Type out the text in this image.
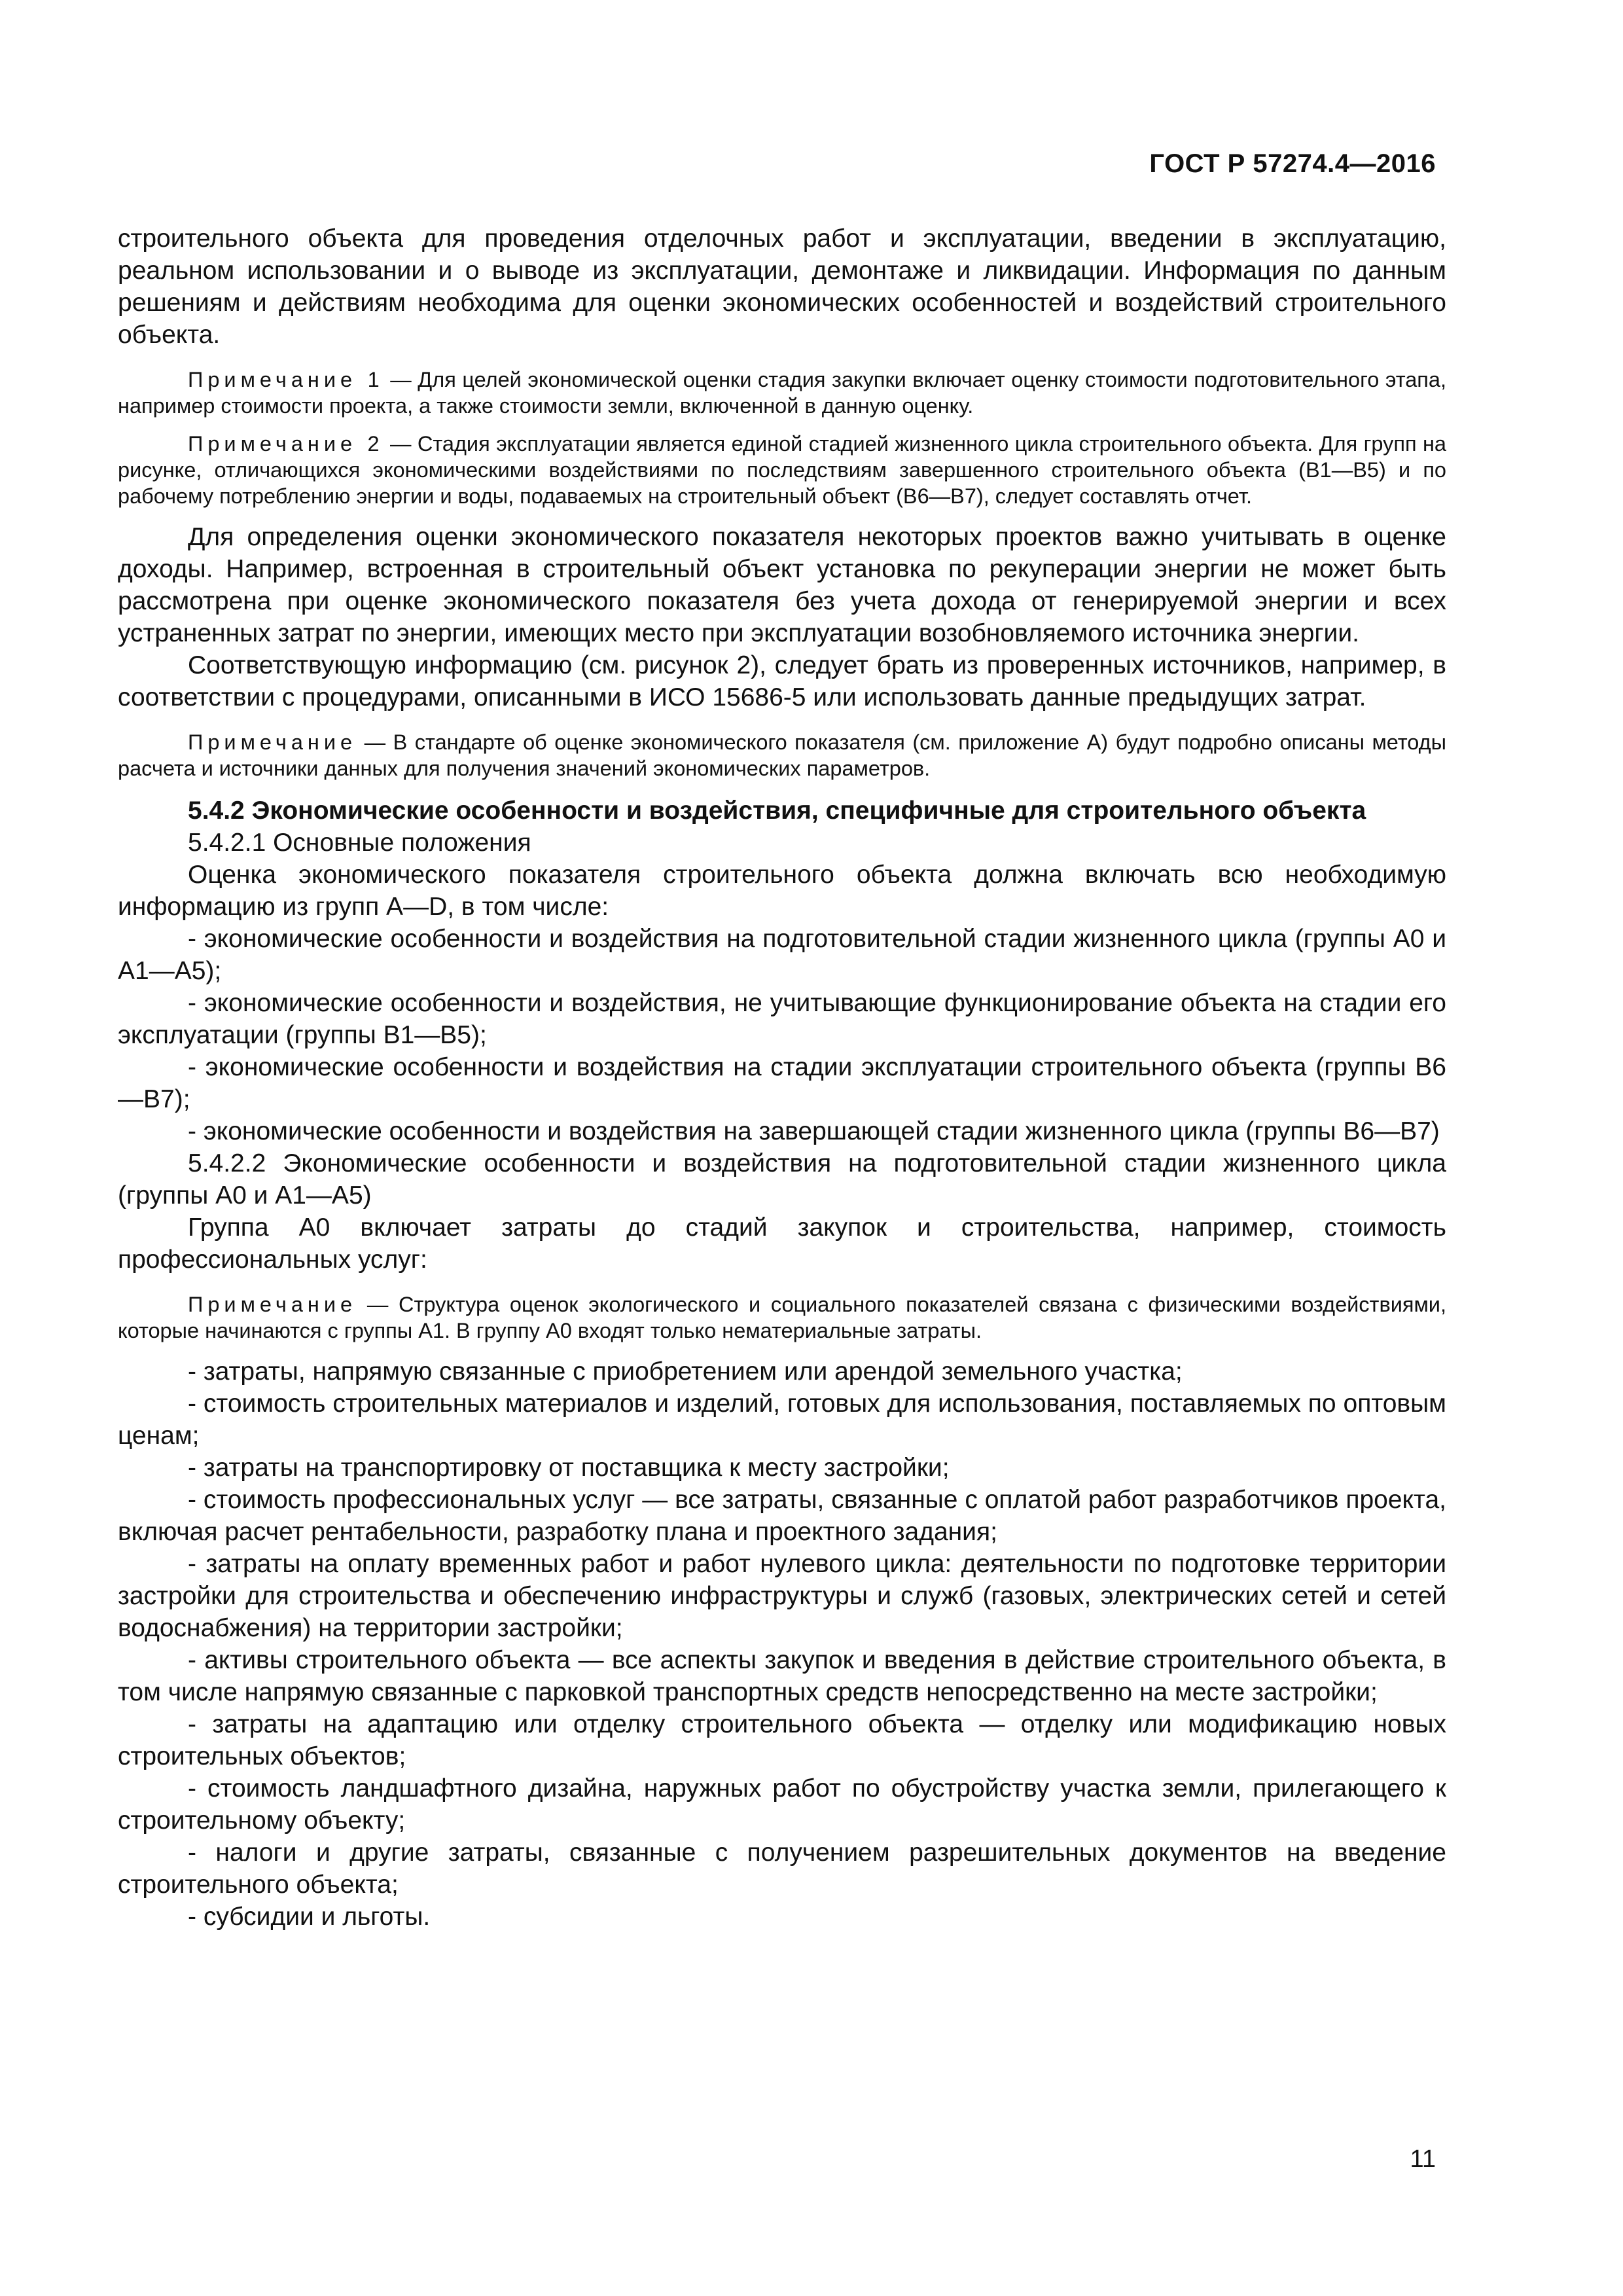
ГОСТ Р 57274.4—2016

строительного объекта для проведения отделочных работ и эксплуатации, введении в эксплуатацию, реальном использовании и о выводе из эксплуатации, демонтаже и ликвидации. Информация по данным решениям и действиям необходима для оценки экономических особенностей и воздействий строительного объекта.

Примечание 1 — Для целей экономической оценки стадия закупки включает оценку стоимости подготовительного этапа, например стоимости проекта, а также стоимости земли, включенной в данную оценку.

Примечание 2 — Стадия эксплуатации является единой стадией жизненного цикла строительного объекта. Для групп на рисунке, отличающихся экономическими воздействиями по последствиям завершенного строительного объекта (B1—B5) и по рабочему потреблению энергии и воды, подаваемых на строительный объект (B6—B7), следует составлять отчет.

Для определения оценки экономического показателя некоторых проектов важно учитывать в оценке доходы. Например, встроенная в строительный объект установка по рекуперации энергии не может быть рассмотрена при оценке экономического показателя без учета дохода от генерируемой энергии и всех устраненных затрат по энергии, имеющих место при эксплуатации возобновляемого источника энергии.

Соответствующую информацию (см. рисунок 2), следует брать из проверенных источников, например, в соответствии с процедурами, описанными в ИСО 15686-5 или использовать данные предыдущих затрат.

Примечание — В стандарте об оценке экономического показателя (см. приложение А) будут подробно описаны методы расчета и источники данных для получения значений экономических параметров.

5.4.2 Экономические особенности и воздействия, специфичные для строительного объекта

5.4.2.1 Основные положения

Оценка экономического показателя строительного объекта должна включать всю необходимую информацию из групп A—D, в том числе:

- экономические особенности и воздействия на подготовительной стадии жизненного цикла (группы A0 и A1—A5);

- экономические особенности и воздействия, не учитывающие функционирование объекта на стадии его эксплуатации (группы B1—B5);

- экономические особенности и воздействия на стадии эксплуатации строительного объекта (группы B6—B7);

- экономические особенности и воздействия на завершающей стадии жизненного цикла (группы B6—B7)

5.4.2.2 Экономические особенности и воздействия на подготовительной стадии жизненного цикла (группы A0 и A1—A5)

Группа A0 включает затраты до стадий закупок и строительства, например, стоимость профессиональных услуг:

Примечание — Структура оценок экологического и социального показателей связана с физическими воздействиями, которые начинаются с группы A1. В группу A0 входят только нематериальные затраты.

- затраты, напрямую связанные с приобретением или арендой земельного участка;

- стоимость строительных материалов и изделий, готовых для использования, поставляемых по оптовым ценам;

- затраты на транспортировку от поставщика к месту застройки;

- стоимость профессиональных услуг — все затраты, связанные с оплатой работ разработчиков проекта, включая расчет рентабельности, разработку плана и проектного задания;

- затраты на оплату временных работ и работ нулевого цикла: деятельности по подготовке территории застройки для строительства и обеспечению инфраструктуры и служб (газовых, электрических сетей и сетей водоснабжения) на территории застройки;

- активы строительного объекта — все аспекты закупок и введения в действие строительного объекта, в том числе напрямую связанные с парковкой транспортных средств непосредственно на месте застройки;

- затраты на адаптацию или отделку строительного объекта — отделку или модификацию новых строительных объектов;

- стоимость ландшафтного дизайна, наружных работ по обустройству участка земли, прилегающего к строительному объекту;

- налоги и другие затраты, связанные с получением разрешительных документов на введение строительного объекта;

- субсидии и льготы.

11
